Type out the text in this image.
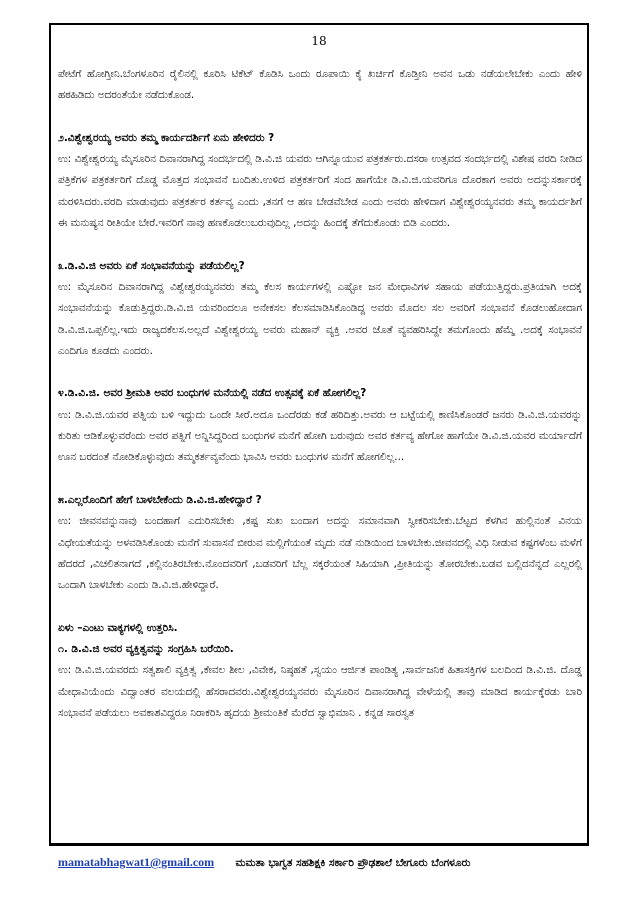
18

ಪೇಟೆಗೆ ಹೋಗ್ತೀನಿ.ಬೆಂಗಳೂರಿನ ರೈಲಿನಲ್ಲಿ ಕೂರಿಸಿ ಟಿಕೆಟ್ ಕೊಡಿಸಿ ಒಂದು ರೂಪಾಯಿ ಕೈ ಖರ್ಚಿಗೆ ಕೊಡ್ತೀನಿ ಅವನ ಒಡು ನಡೆಯಲೇಬೇಕು ಎಂದು ಹೇಳಿ ಹಠಹಿಡಿದು ಅದರಂತೆಯೇ ನಡೆದುಕೊಂಡ.

೨.ವಿಶ್ವೇಶ್ವರಯ್ಯ ಅವರು ತಮ್ಮ ಕಾರ್ಯದರ್ಶಿಗೆ ಏನು ಹೇಳಿದರು ?

ಉ: ವಿಶ್ವೇಶ್ವರಯ್ಯ ಮೈಸೂರಿನ ದಿವಾನರಾಗಿದ್ದ ಸಂದರ್ಭದಲ್ಲಿ ಡಿ.ವಿ.ಜಿ ಯವರು ಆಗಿನ್ನೂಯುವ ಪತ್ರಕರ್ತರು.ದಸರಾ ಉತ್ಸವದ ಸಂದರ್ಭದಲ್ಲಿ ವಿಶೇಷ ವರದಿ ನೀಡಿದ ಪತ್ರಿಕೆಗಳ ಪತ್ರಕರ್ತರಿಗೆ ದೊಡ್ಡ ಮೊತ್ತದ ಸಂಭಾವನೆ ಬಂದಿತು.ಉಳಿದ ಪತ್ರಕರ್ತರಿಗೆ ಸಂದ ಹಾಗೆಯೇ ಡಿ.ವಿ.ಜಿ.ಯವರಿಗೂ ದೊರಕಾಗ ಅವರು ಅದನ್ನುಸರ್ಕಾರಕ್ಕೆ ಮರಳಿಸಿದರು.ವರದಿ ಮಾಡುವುದು ಪತ್ರಕರ್ತರ ಕರ್ತವ್ಯ ಎಂದು ,ತನಗೆ ಆ ಹಣ ಬೇಡವೆಬೇಡ ಎಂದು ಅವರು ಹೇಳಿದಾಗ ವಿಶ್ವೇಶ್ವರಯ್ಯನವರು ತಮ್ಮ ಕಾಯರ್ದಶಿಗೆ ಈ ಮನುಷ್ಯನ ರೀತಿಯೇ ಬೇರೆ.ಇವರಿಗೆ ನಾವು ಹಣಕೊಡಲುಬರುವುದಿಲ್ಲ ,ಅದನ್ನು ಹಿಂದಕ್ಕೆ ತೆಗೆದುಕೊಂಡು ಬಿಡಿ ಎಂದರು.

೩.ಡಿ.ವಿ.ಜಿ ಅವರು ಏಕೆ ಸಂಭಾವನೆಯನ್ನು ಪಡೆಯಲಿಲ್ಲ?

ಉ: ಮೈಸೂರಿನ ದಿವಾನರಾಗಿದ್ದ ವಿಶ್ವೇಶ್ವರಯ್ಯನವರು ತಮ್ಮ ಕೆಲಸ ಕಾರ್ಯಗಳಲ್ಲಿ ಎಷ್ಟೋ ಜನ ಮೇಧಾವಿಗಳ ಸಹಾಯ ಪಡೆಯುತ್ತಿದ್ದರು.ಪ್ರತಿಯಾಗಿ ಅದಕ್ಕೆ ಸಂಭಾವನೆಯನ್ನು ಕೊಡುತ್ತಿದ್ದರು.ಡಿ.ವಿ.ಜಿ ಯವರಿಂದಲೂ ಅನೇಕಸಲ ಕೆಲಸಮಾಡಿಸಿಕೊಂಡಿದ್ದ ಅವರು ಮೊದಲ ಸಲ ಅವರಿಗೆ ಸಂಭಾವನೆ ಕೊಡಲುಹೋದಾಗ ಡಿ.ವಿ.ಜಿ.ಒಪ್ಪಲಿಲ್ಲ.ಇದು ರಾಜ್ಯದಕೆಲಸ.ಅಲ್ಲದೆ ವಿಶ್ವೇಶ್ವರಯ್ಯ ಅವರು ಮಹಾನ್ ವ್ಯಕ್ತಿ .ಅವರ ಜೊತೆ ವ್ಯವಹರಿಸಿದ್ದೇ ತಮಗೊಂದು ಹೆಮ್ಮೆ .ಅದಕ್ಕೆ ಸಂಭಾವನೆ ಎಂದಿಗೂ ಕೂಡದು ಎಂದರು.

೪.ಡಿ.ವಿ.ಜಿ. ಅವರ ಶ್ರೀಮತಿ ಅವರ ಬಂಧುಗಳ ಮನೆಯಲ್ಲಿ ನಡೆದ ಉತ್ಸವಕ್ಕೆ ಏಕೆ ಹೋಗಲಿಲ್ಲ?

ಉ: ಡಿ.ವಿ.ಜಿ.ಯವರ ಪತ್ನಿಯ ಬಳಿ ಇದ್ದುದು ಒಂದೇ ಸೀರೆ.ಅದೂ ಒಂದೆರಡು ಕಡೆ ಹರಿದಿತ್ತು.ಅವರು ಆ ಬಟ್ಟೆಯಲ್ಲಿ ಕಾಣಿಸಿಕೊಂಡರೆ ಜನರು ಡಿ.ವಿ.ಜಿ.ಯವರನ್ನು ಕುರಿತು ಆಡಿಕೊಳ್ಳುವರೆಂದು ಅವರ ಪತ್ನಿಗೆ ಅನ್ನಿಸಿದ್ದರಿಂದ ಬಂಧುಗಳ ಮನೆಗೆ ಹೋಗಿ ಬರುವುದು ಅವರ ಕರ್ತವ್ಯ ಹೇಗೋ ಹಾಗೆಯೇ ಡಿ.ವಿ.ಜಿ.ಯವರ ಮರ್ಯಾದೆಗೆ ಊನ ಬರದಂತೆ ನೋಡಿಕೊಳ್ಳುವುದು ತಮ್ಮಕರ್ತವ್ಯವೆಂದು ಭಾವಿಸಿ ಅವರು ಬಂಧುಗಳ ಮನೆಗೆ ಹೋಗಲಿಲ್ಲ...

೫.ಎಲ್ಲರೊಂದಿಗೆ ಹೇಗೆ ಬಾಳಬೇಕೆಂದು ಡಿ.ವಿ.ಜಿ.ಹೇಳಿದ್ದಾರೆ ?

ಉ: ಜೀವನವನ್ನುನಾವು ಬಂದಹಾಗೆ ಎದುರಿಸಬೇಕು ,ಕಷ್ಟ ಸುಖ ಬಂದಾಗ ಅದನ್ನು ಸಮಾನವಾಗಿ ಸ್ವೀಕರಿಸಬೇಕು.ಬೆಟ್ಟದ ಕೆಳಗಿನ ಹುಲ್ಲಿನಂತೆ ವಿನಯ ವಿಧೇಯತೆಯನ್ನು ಅಳವಡಿಸಿಕೊಂಡು ಮನೆಗೆ ಸುವಾಸನೆ ಬೀರುವ ಮಲ್ಲಿಗೆಯಂತೆ ಮೃದು ನಡೆ ನುಡಿಯಿಂದ ಬಾಳಬೇಕು.ಜೀವನದಲ್ಲಿ ವಿಧಿ ನೀಡುವ ಕಷ್ಟಗಳೆಂಬ ಮಳೆಗೆ ಹೆದರದೆ ,ವಿಚಲಿತನಾಗದೆ ,ಕಲ್ಲಿನಂತಿರಬೇಕು.ನೊಂದವರಿಗೆ ,ಬಡವರಿಗೆ ಬೆಲ್ಲ ಸಕ್ಕರೆಯಂತೆ ಸಿಹಿಯಾಗಿ ,ಪ್ರೀತಿಯನ್ನು ತೋರಬೇಕು.ಬಡವ ಬಲ್ಲಿದನೆನ್ನದೆ ಎಲ್ಲರಲ್ಲಿ ಒಂದಾಗಿ ಬಾಳಬೇಕು ಎಂದು ಡಿ.ವಿ.ಜಿ.ಹೇಳಿದ್ದಾರೆ.

ಏಳು –ಎಂಟು ವಾಕ್ಯಗಳಲ್ಲಿ ಉತ್ತರಿಸಿ.

೧. ಡಿ.ವಿ.ಜಿ ಅವರ ವ್ಯಕ್ತಿತ್ವವನ್ನು ಸಂಗ್ರಹಿಸಿ ಬರೆಯಿರಿ.

ಉ: ಡಿ.ವಿ.ಜಿ.ಯವರದು ಸತ್ವಶಾಲಿ ವ್ಯಕ್ತಿತ್ವ ,ಕೇವಲ ಶೀಲ ,ವಿವೇಕ, ನಿಷ್ಠಹತೆ ,ಸ್ವಯಂ ಆರ್ಜಿತ ಪಾಂಡಿತ್ಯ ,ಸಾರ್ವಜನಿಕ ಹಿತಾಸಕ್ತಿಗಳ ಬಲದಿಂದ ಡಿ.ವಿ.ಜಿ. ದೊಡ್ಡ ಮೇಧಾವಿಯೆಂದು ವಿದ್ವಾಂತರ ವಲಯದಲ್ಲಿ ಹೆಸರಾದವರು.ವಿಶ್ವೇಶ್ವರಯ್ಯನವರು ಮೈಸೂರಿನ ದಿವಾನರಾಗಿದ್ದ ವೇಳೆಯಲ್ಲಿ ತಾವು ಮಾಡಿದ ಕಾರ್ಯಕ್ಕೆರಡು ಬಾರಿ ಸಂಭಾವನೆ ಪಡೆಯಲು ಅವಕಾಶವಿದ್ದರೂ ನಿರಾಕರಿಸಿ ಹೃದಯ ಶ್ರೀಮಂತಿಕೆ ಮೆರೆದ ಸ್ವಾಭಿಮಾನಿ . ಕನ್ನಡ ಸಾರಸ್ವತ

mamatabhagwat1@gmail.com ಮಮತಾ ಭಾಗ್ವತ ಸಹಶಿಕ್ಷಕಿ ಸರ್ಕಾರಿ ಪ್ರೌಢಶಾಲೆ ಬೇಗೂರು ಬೆಂಗಳೂರು
